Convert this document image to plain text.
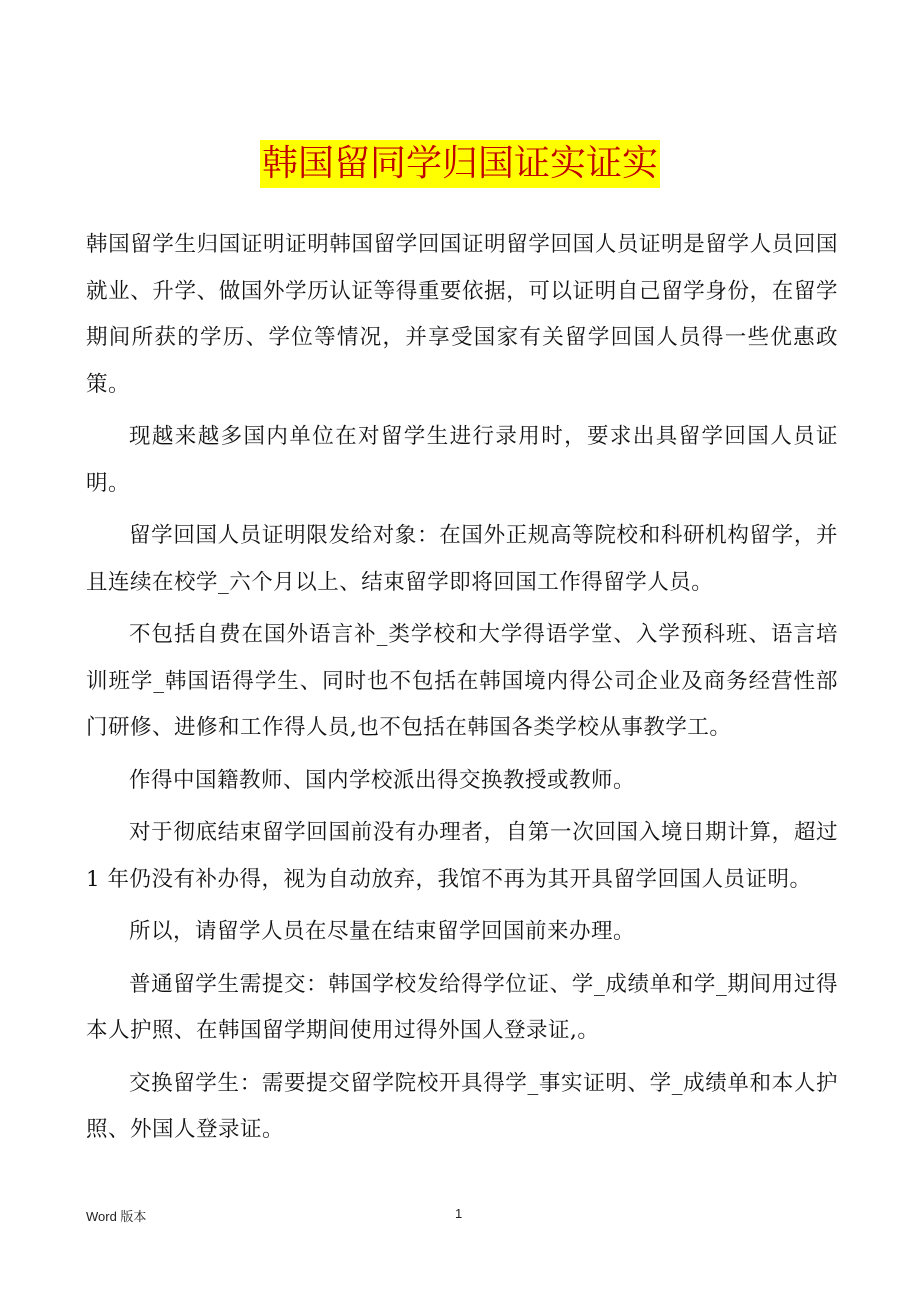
韩国留同学归国证实证实

韩国留学生归国证明证明韩国留学回国证明留学回国人员证明是留学人员回国就业、升学、做国外学历认证等得重要依据，可以证明自己留学身份，在留学期间所获的学历、学位等情况，并享受国家有关留学回国人员得一些优惠政策。

现越来越多国内单位在对留学生进行录用时，要求出具留学回国人员证明。

留学回国人员证明限发给对象：在国外正规高等院校和科研机构留学，并且连续在校学_六个月以上、结束留学即将回国工作得留学人员。

不包括自费在国外语言补_类学校和大学得语学堂、入学预科班、语言培训班学_韩国语得学生、同时也不包括在韩国境内得公司企业及商务经营性部门研修、进修和工作得人员,也不包括在韩国各类学校从事教学工。

作得中国籍教师、国内学校派出得交换教授或教师。

对于彻底结束留学回国前没有办理者，自第一次回国入境日期计算，超过 1 年仍没有补办得，视为自动放弃，我馆不再为其开具留学回国人员证明。

所以，请留学人员在尽量在结束留学回国前来办理。

普通留学生需提交：韩国学校发给得学位证、学_成绩单和学_期间用过得本人护照、在韩国留学期间使用过得外国人登录证,。

交换留学生：需要提交留学院校开具得学_事实证明、学_成绩单和本人护照、外国人登录证。

Word 版本	1
